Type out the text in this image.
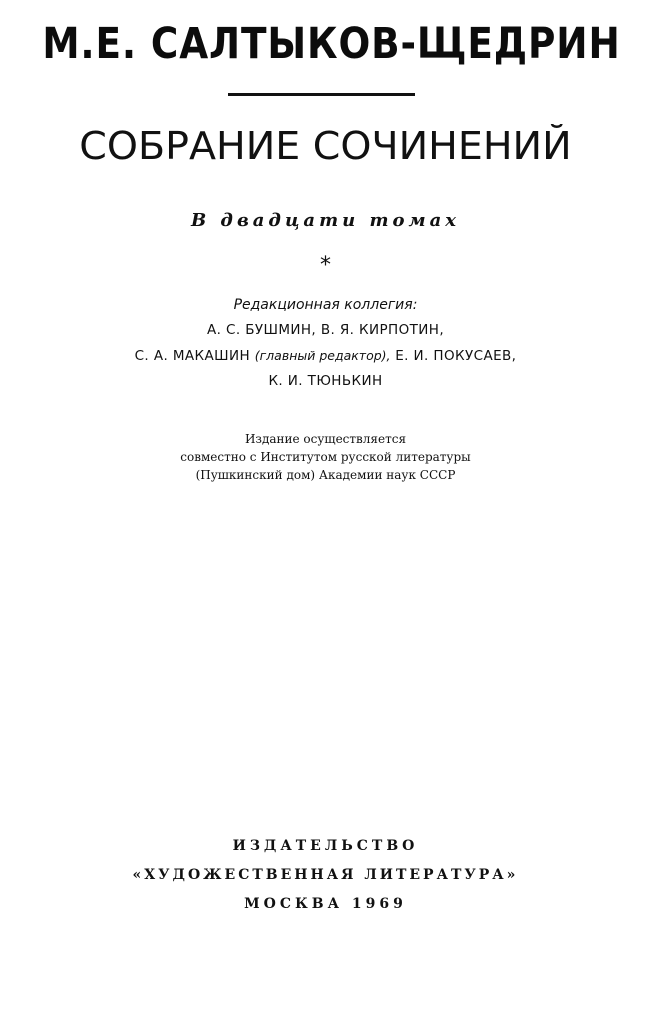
М.Е. САЛТЫКОВ-ЩЕДРИН
СОБРАНИЕ СОЧИНЕНИЙ
В двадцати томах
*
Редакционная коллегия:
А. С. БУШМИН, В. Я. КИРПОТИН,
С. А. МАКАШИН (главный редактор), Е. И. ПОКУСАЕВ,
К. И. ТЮНЬКИН
Издание осуществляется
совместно с Институтом русской литературы
(Пушкинский дом) Академии наук СССР
ИЗДАТЕЛЬСТВО
«ХУДОЖЕСТВЕННАЯ ЛИТЕРАТУРА»
МОСКВА 1969
